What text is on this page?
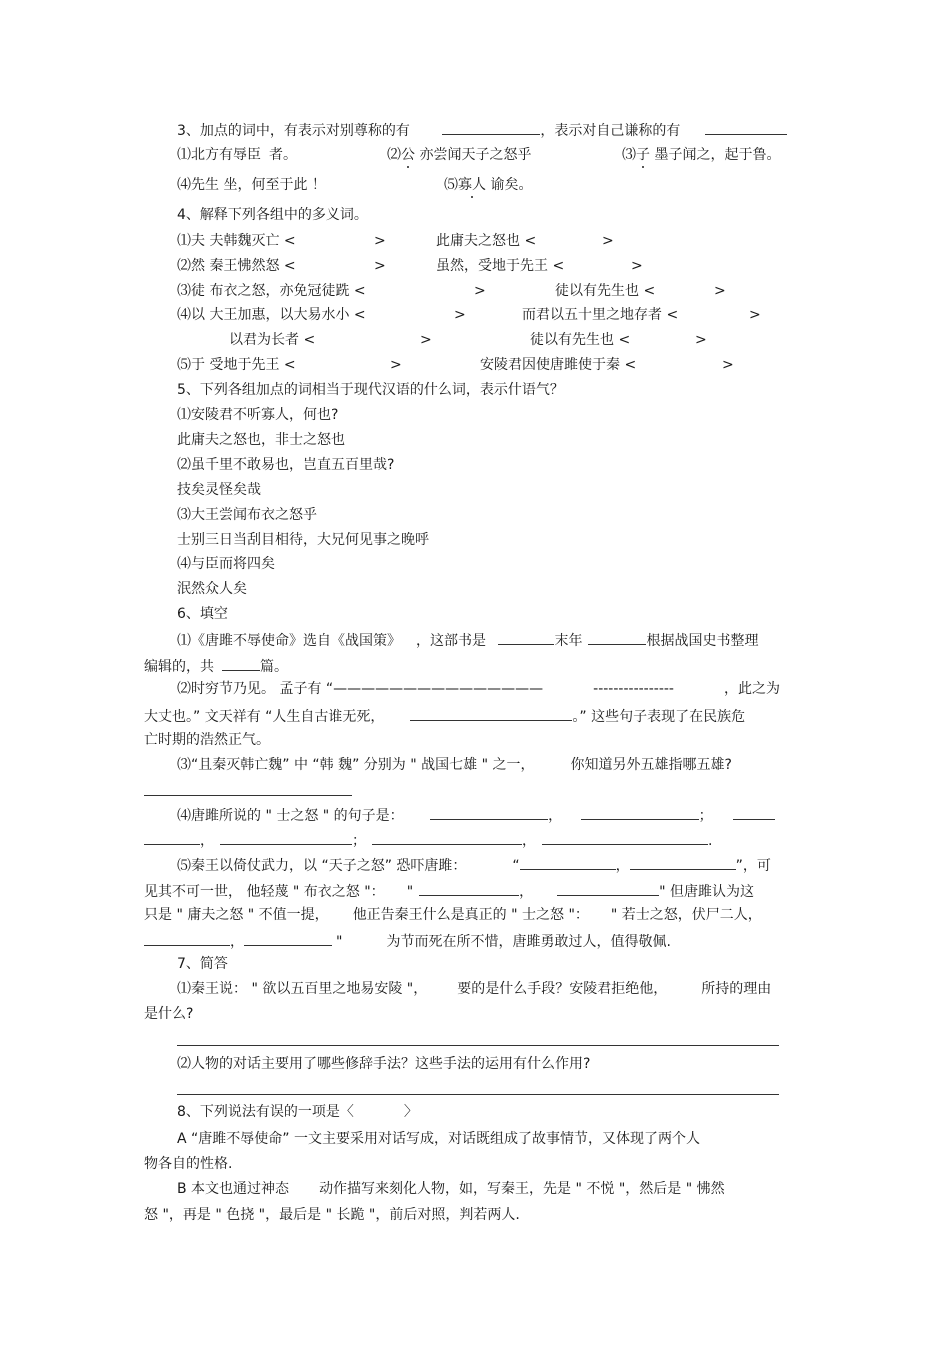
3、加点的词中，有表示对别尊称的有	，表示对自己谦称的有
⑴北方有辱臣 者。	⑵公 亦尝闻天子之怒乎	⑶子 墨子闻之，起于鲁。
⑷先生 坐，何至于此 ！	⑸寡人 谕矣。
4、解释下列各组中的多义词。
⑴夫 夫韩魏灭亡 <	>	此庸夫之怒也 <	>
⑵然 秦王怫然怒 <	>	虽然，受地于先王 <	>
⑶徒 布衣之怒，亦免冠徒跣 <	>	徒以有先生也 <	>
⑷以 大王加惠，以大易水小 <	>	而君以五十里之地存者 <	>
以君为长者 <	>	徒以有先生也 <	>
⑸于 受地于先王 <	>	安陵君因使唐雎使于秦 <	>
5、下列各组加点的词相当于现代汉语的什么词，表示什语气？
⑴安陵君不听寡人，何也?
此庸夫之怒也，非士之怒也
⑵虽千里不敢易也，岂直五百里哉?
技矣灵怪矣哉
⑶大王尝闻布衣之怒乎
士别三日当刮目相待，大兄何见事之晚呼
⑷与臣而将四矣
泯然众人矣
6、填空
⑴《唐雎不辱使命》选自《战国策》 ，这部书是	末年	根据战国史书整理
编辑的，共	篇。
⑵时穷节乃见。 孟子有 “———————————————	----------------	，此之为
大丈也。” 文天祥有 “人生自古谁无死，	。” 这些句子表现了在民族危
亡时期的浩然正气。
⑶“且秦灭韩亡魏” 中 “韩 魏” 分别为 " 战国七雄 " 之一，	你知道另外五雄指哪五雄?
⑷唐雎所说的 " 士之怒 " 的句子是：	，	；
，	；	，	.
⑸秦王以倚仗武力，以 “天子之怒” 恐吓唐雎：	“	，	”，可
见其不可一世， 他轻蔑 " 布衣之怒 "： "	，	" 但唐雎认为这
只是 " 庸夫之怒 " 不值一提， 他正告秦王什么是真正的 " 士之怒 "： " 若士之怒，伏尸二人，
，	"	为节而死在所不惜，唐雎勇敢过人，值得敬佩.
7、简答
⑴秦王说： " 欲以五百里之地易安陵 "， 要的是什么手段？安陵君拒绝他， 所持的理由
是什么?
⑵人物的对话主要用了哪些修辞手法？这些手法的运用有什么作用?
8、下列说法有误的一项是〈	〉
A “唐雎不辱使命” 一文主要采用对话写成，对话既组成了故事情节，又体现了两个人
物各自的性格.
B 本文也通过神态 动作描写来刻化人物，如，写秦王，先是 " 不悦 "，然后是 " 怫然
怒 "，再是 " 色挠 "，最后是 " 长跪 "，前后对照，判若两人.
